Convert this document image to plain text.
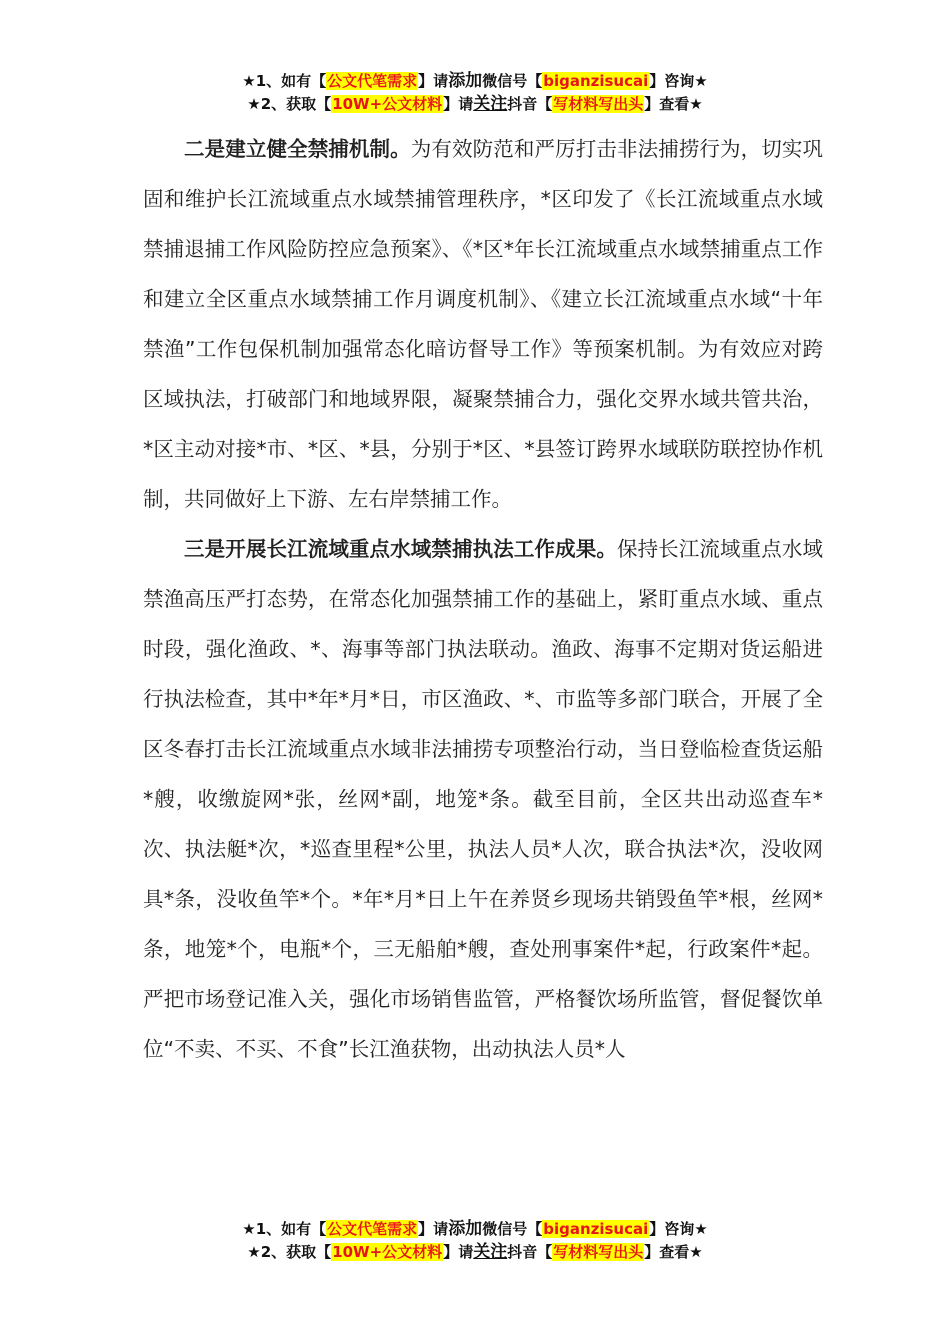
★1、如有【公文代笔需求】请添加微信号【biganzisucai】咨询★
★2、获取【10W+公文材料】请关注抖音【写材料写出头】查看★

二是建立健全禁捕机制。为有效防范和严厉打击非法捕捞行为，切实巩固和维护长江流域重点水域禁捕管理秩序，*区印发了《长江流域重点水域禁捕退捕工作风险防控应急预案》、《*区*年长江流域重点水域禁捕重点工作和建立全区重点水域禁捕工作月调度机制》、《建立长江流域重点水域“十年禁渔”工作包保机制加强常态化暗访督导工作》等预案机制。为有效应对跨区域执法，打破部门和地域界限，凝聚禁捕合力，强化交界水域共管共治，*区主动对接*市、*区、*县，分别于*区、*县签订跨界水域联防联控协作机制，共同做好上下游、左右岸禁捕工作。

三是开展长江流域重点水域禁捕执法工作成果。保持长江流域重点水域禁渔高压严打态势，在常态化加强禁捕工作的基础上，紧盯重点水域、重点时段，强化渔政、*、海事等部门执法联动。渔政、海事不定期对货运船进行执法检查，其中*年*月*日，市区渔政、*、市监等多部门联合，开展了全区冬春打击长江流域重点水域非法捕捞专项整治行动，当日登临检查货运船*艘，收缴旋网*张，丝网*副，地笼*条。截至目前，全区共出动巡查车*次、执法艇*次，*巡查里程*公里，执法人员*人次，联合执法*次，没收网具*条，没收鱼竿*个。*年*月*日上午在养贤乡现场共销毁鱼竿*根，丝网*条，地笼*个，电瓶*个，三无船舶*艘，查处刑事案件*起，行政案件*起。严把市场登记准入关，强化市场销售监管，严格餐饮场所监管，督促餐饮单位“不卖、不买、不食”长江渔获物，出动执法人员*人

★1、如有【公文代笔需求】请添加微信号【biganzisucai】咨询★
★2、获取【10W+公文材料】请关注抖音【写材料写出头】查看★
